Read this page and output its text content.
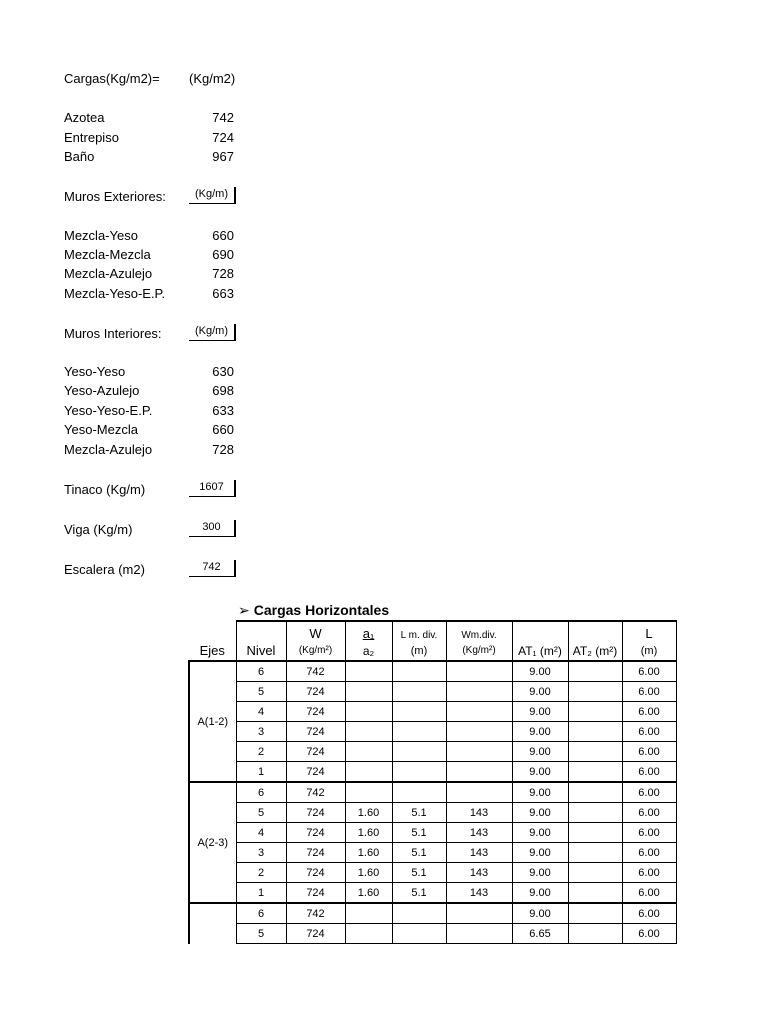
Cargas(Kg/m2)= (Kg/m2)
Azotea	742
Entrepiso	724
Baño	967
Muros Exteriores:	(Kg/m)
Mezcla-Yeso	660
Mezcla-Mezcla	690
Mezcla-Azulejo	728
Mezcla-Yeso-E.P.	663
Muros Interiores:	(Kg/m)
Yeso-Yeso	630
Yeso-Azulejo	698
Yeso-Yeso-E.P.	633
Yeso-Mezcla	660
Mezcla-Azulejo	728
Tinaco (Kg/m)	1607
Viga (Kg/m)	300
Escalera (m2)	742
➢ Cargas Horizontales
		W	a₁	L m. div.	Wm.div.			L
Ejes	Nivel	(Kg/m²)	a₂	(m)	(Kg/m²)	AT₁ (m²)	AT₂ (m²)	(m)
A(1-2)	6	742				9.00		6.00
	5	724				9.00		6.00
	4	724				9.00		6.00
	3	724				9.00		6.00
	2	724				9.00		6.00
	1	724				9.00		6.00
A(2-3)	6	742				9.00		6.00
	5	724	1.60	5.1	143	9.00		6.00
	4	724	1.60	5.1	143	9.00		6.00
	3	724	1.60	5.1	143	9.00		6.00
	2	724	1.60	5.1	143	9.00		6.00
	1	724	1.60	5.1	143	9.00		6.00
	6	742				9.00		6.00
	5	724				6.65		6.00
